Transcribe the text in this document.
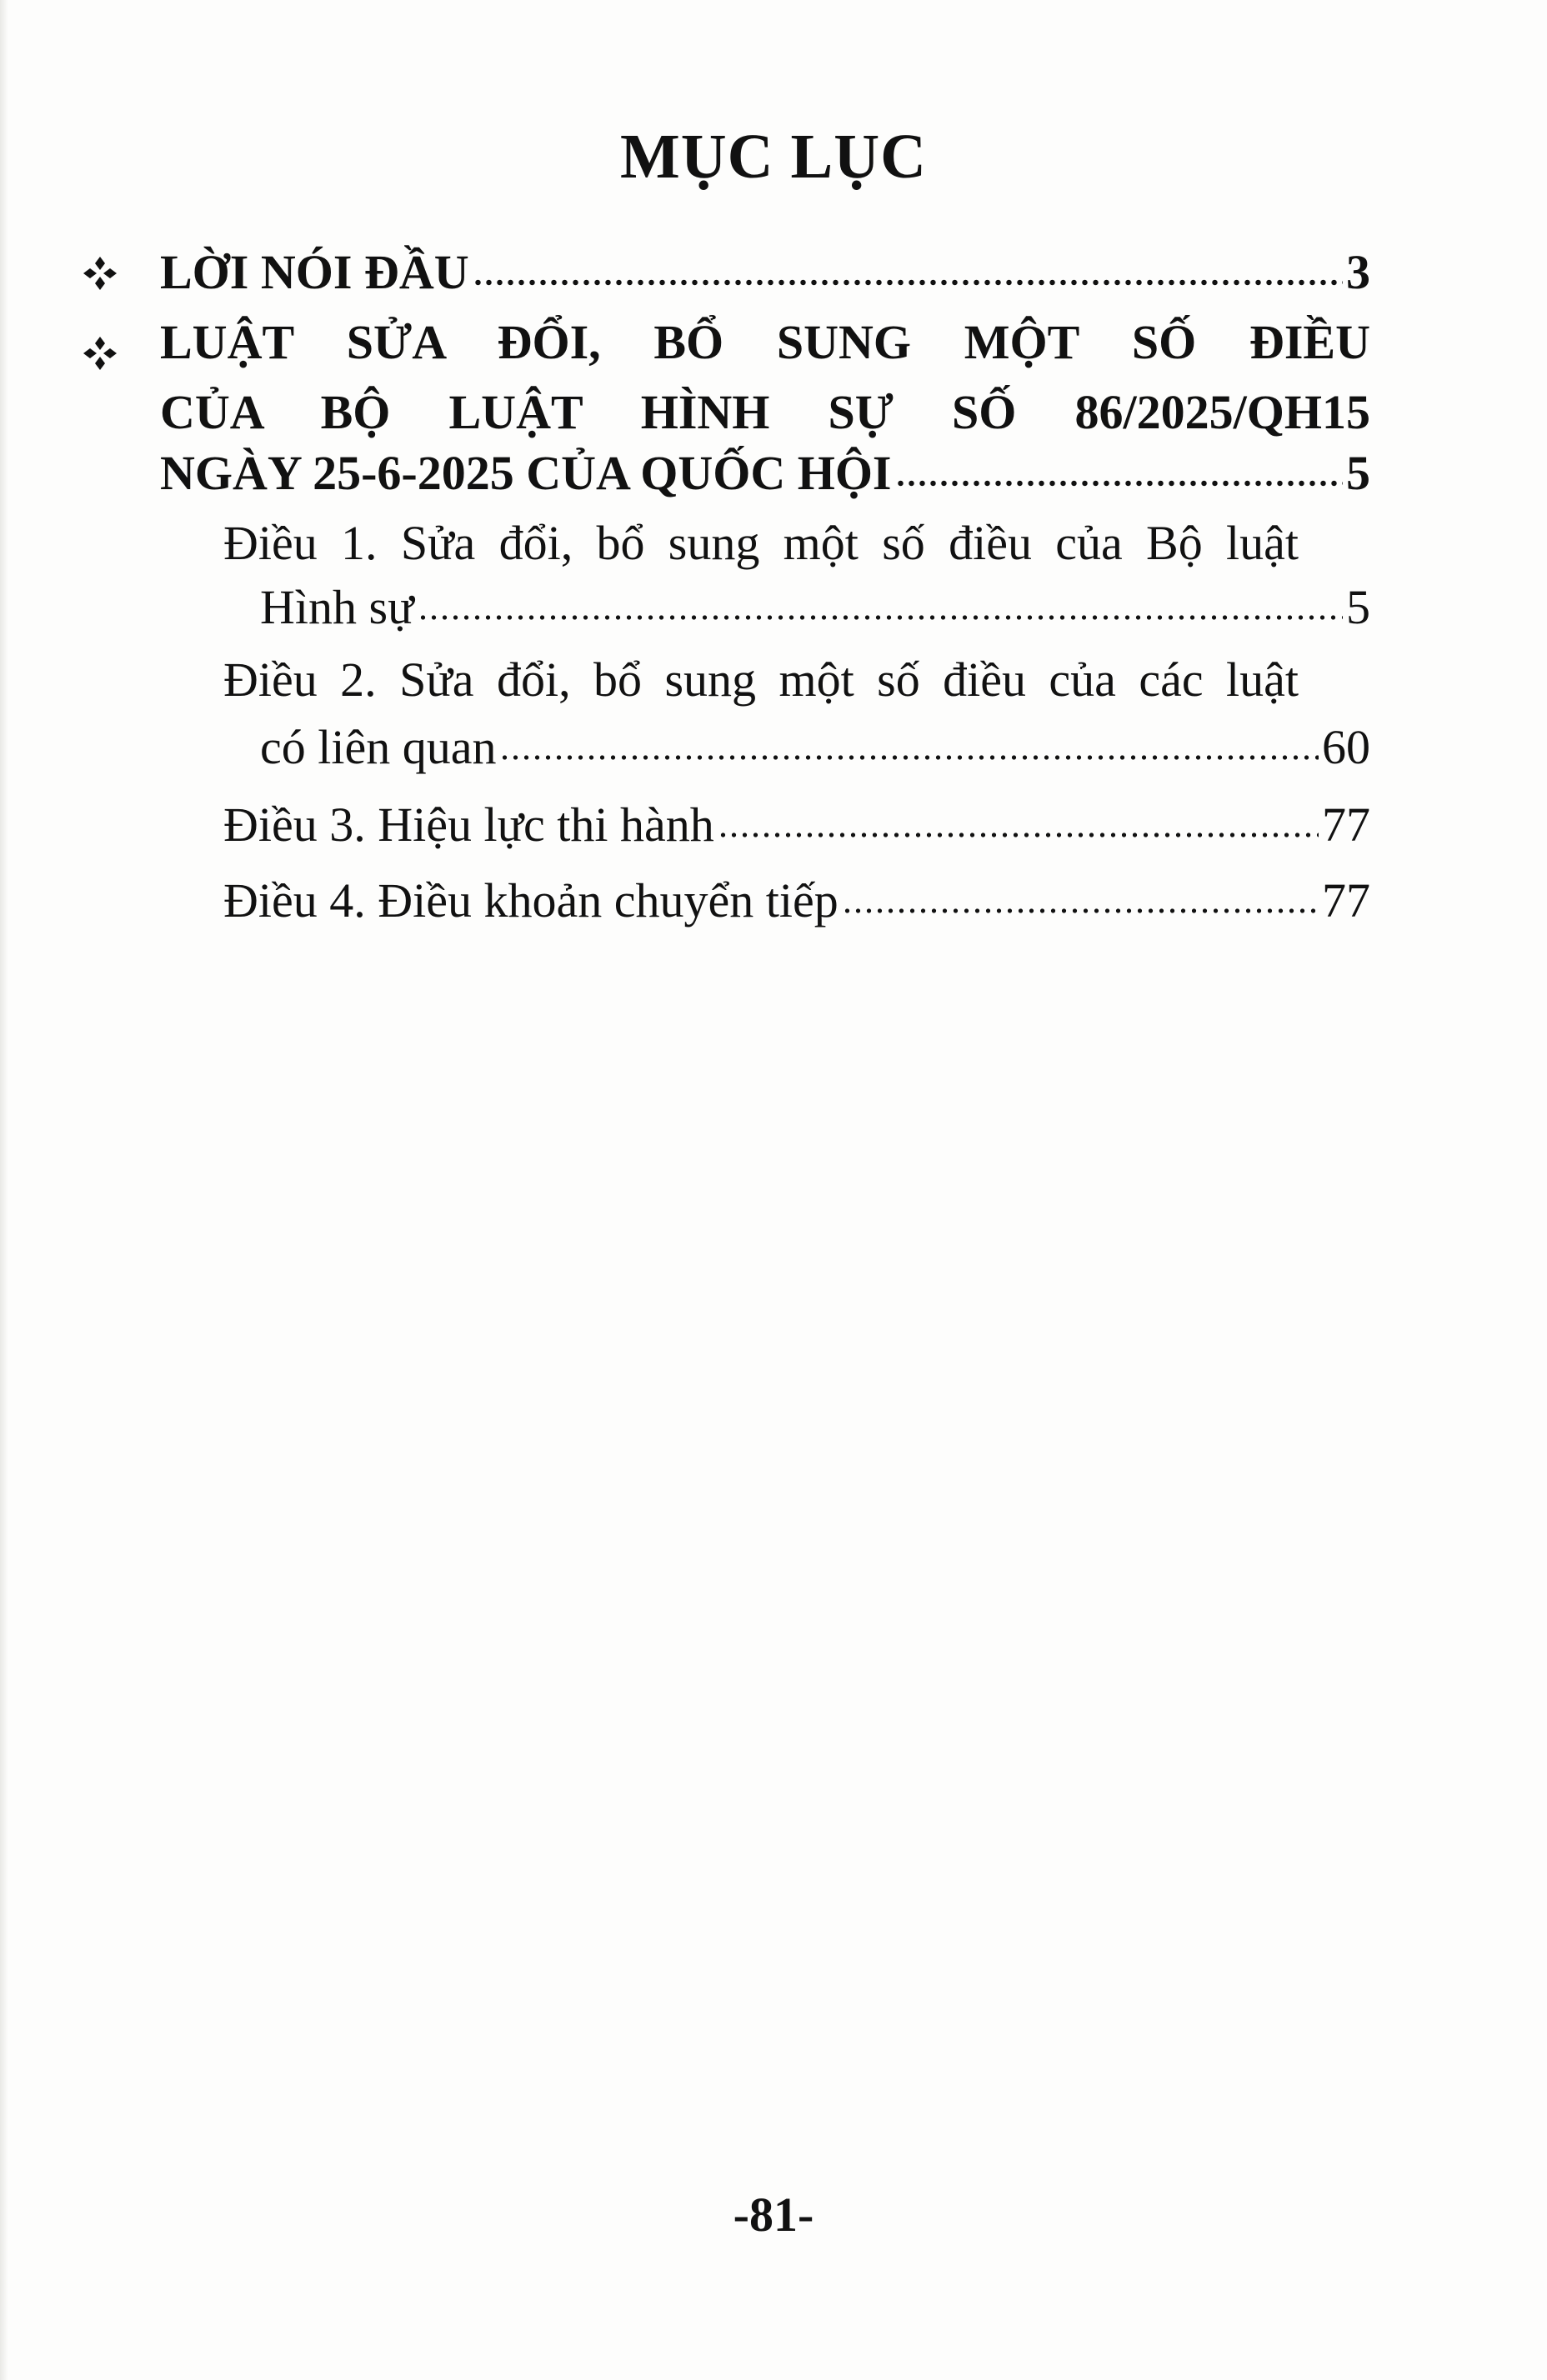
MỤC LỤC
LỜI NÓI ĐẦU	3
LUẬT SỬA ĐỔI, BỔ SUNG MỘT SỐ ĐIỀU
CỦA BỘ LUẬT HÌNH SỰ SỐ 86/2025/QH15
NGÀY 25-6-2025 CỦA QUỐC HỘI	5
Điều 1. Sửa đổi, bổ sung một số điều của Bộ luật
Hình sự	5
Điều 2. Sửa đổi, bổ sung một số điều của các luật
có liên quan	60
Điều 3. Hiệu lực thi hành	77
Điều 4. Điều khoản chuyển tiếp	77
-81-
